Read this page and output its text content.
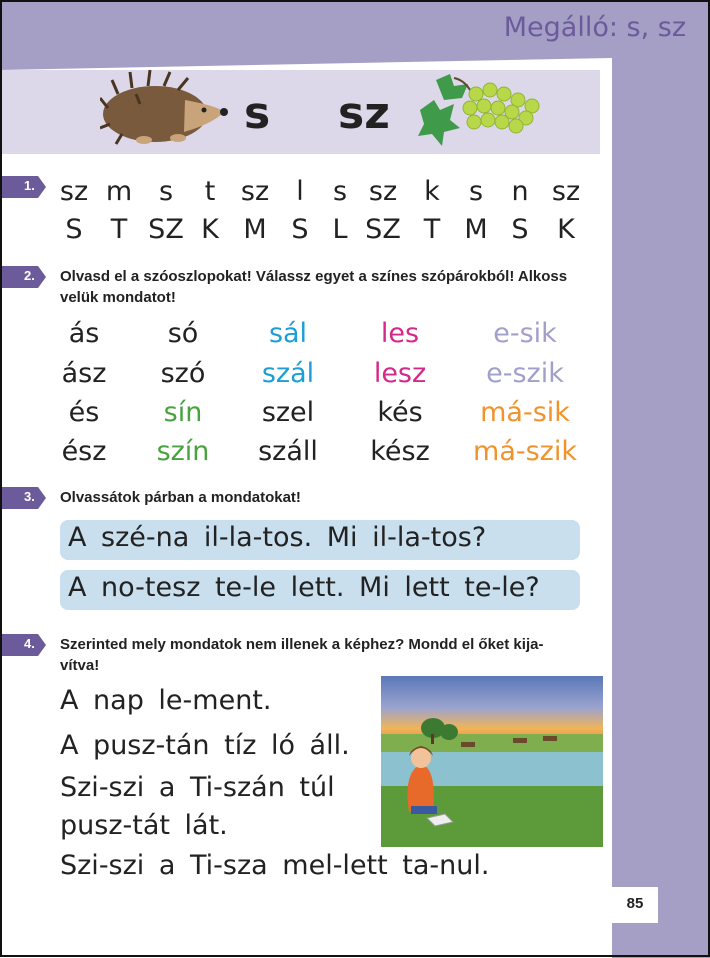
Megálló: s, sz
s sz
1. sz m s t sz l s sz k s n sz
S T SZ K M S L SZ T M S K
2. Olvasd el a szóoszlopokat! Válassz egyet a színes szópárokból! Alkoss
velük mondatot!
ás	só	sál	les	e-sik
ász szó szál lesz e-szik
és sín szel kés má-sik
ész szín száll kész má-szik
3. Olvassátok párban a mondatokat!
A szé-na il-la-tos. Mi il-la-tos?
A no-tesz te-le lett. Mi lett te-le?
4. Szerinted mely mondatok nem illenek a képhez? Mondd el őket kija-
vítva!
A nap le-ment.
A pusz-tán tíz ló áll.
Szi-szi a Ti-szán túl
pusz-tát lát.
Szi-szi a Ti-sza mel-lett ta-nul.
85
